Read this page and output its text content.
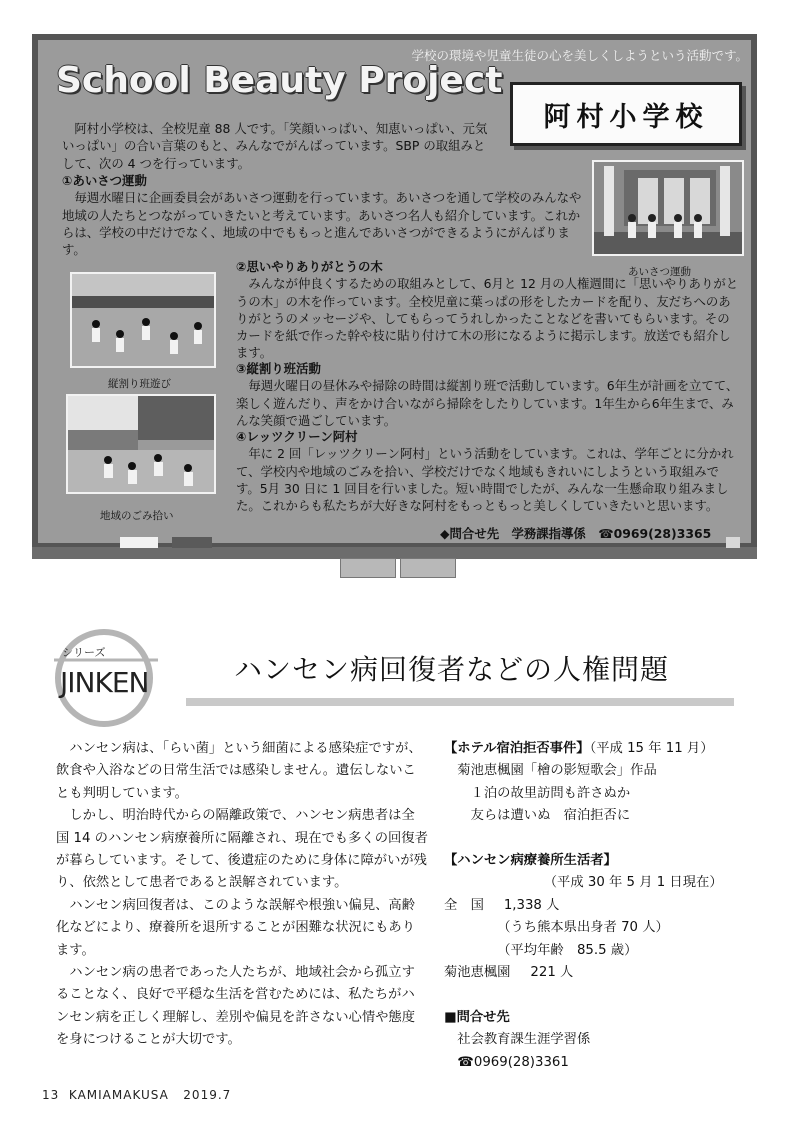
学校の環境や児童生徒の心を美しくしようという活動です。
School Beauty Project
阿村小学校
阿村小学校は、全校児童 88 人です。「笑顔いっぱい、知恵いっぱい、元気いっぱい」の合い言葉のもと、みんなでがんばっています。SBP の取組みとして、次の 4 つを行っています。
①あいさつ運動
毎週水曜日に企画委員会があいさつ運動を行っています。あいさつを通して学校のみんなや地域の人たちとつながっていきたいと考えています。あいさつ名人も紹介しています。これからは、学校の中だけでなく、地域の中でももっと進んであいさつができるようにがんばります。
あいさつ運動
縦割り班遊び
地域のごみ拾い
②思いやりありがとうの木
みんなが仲良くするための取組みとして、6月と 12 月の人権週間に「思いやりありがとうの木」の木を作っています。全校児童に葉っぱの形をしたカードを配り、友だちへのありがとうのメッセージや、してもらってうれしかったことなどを書いてもらいます。そのカードを紙で作った幹や枝に貼り付けて木の形になるように掲示します。放送でも紹介します。
③縦割り班活動
毎週火曜日の昼休みや掃除の時間は縦割り班で活動しています。6年生が計画を立てて、楽しく遊んだり、声をかけ合いながら掃除をしたりしています。1年生から6年生まで、みんな笑顔で過ごしています。
④レッツクリーン阿村
年に 2 回「レッツクリーン阿村」という活動をしています。これは、学年ごとに分かれて、学校内や地域のごみを拾い、学校だけでなく地域もきれいにしようという取組みです。5月 30 日に 1 回目を行いました。短い時間でしたが、みんな一生懸命取り組みました。これからも私たちが大好きな阿村をもっともっと美しくしていきたいと思います。
◆問合せ先　学務課指導係　☎0969(28)3365
シリーズ
JINKEN	ハンセン病回復者などの人権問題
ハンセン病は、「らい菌」という細菌による感染症ですが、飲食や入浴などの日常生活では感染しません。遺伝しないことも判明しています。
しかし、明治時代からの隔離政策で、ハンセン病患者は全国 14 のハンセン病療養所に隔離され、現在でも多くの回復者が暮らしています。そして、後遺症のために身体に障がいが残り、依然として患者であると誤解されています。
ハンセン病回復者は、このような誤解や根強い偏見、高齢化などにより、療養所を退所することが困難な状況にもあります。
ハンセン病の患者であった人たちが、地域社会から孤立することなく、良好で平穏な生活を営むためには、私たちがハンセン病を正しく理解し、差別や偏見を許さない心情や態度を身につけることが大切です。
【ホテル宿泊拒否事件】（平成 15 年 11 月）
菊池恵楓園「檜の影短歌会」作品
１泊の故里訪問も許さぬか
友らは遭いぬ　宿泊拒否に

【ハンセン病療養所生活者】
（平成 30 年 5 月 1 日現在）
全　国 1,338 人
（うち熊本県出身者 70 人）
（平均年齢　85.5 歳）
菊池恵楓園 221 人

■問合せ先
社会教育課生涯学習係
☎0969(28)3361
13 KAMIAMAKUSA 2019.7
